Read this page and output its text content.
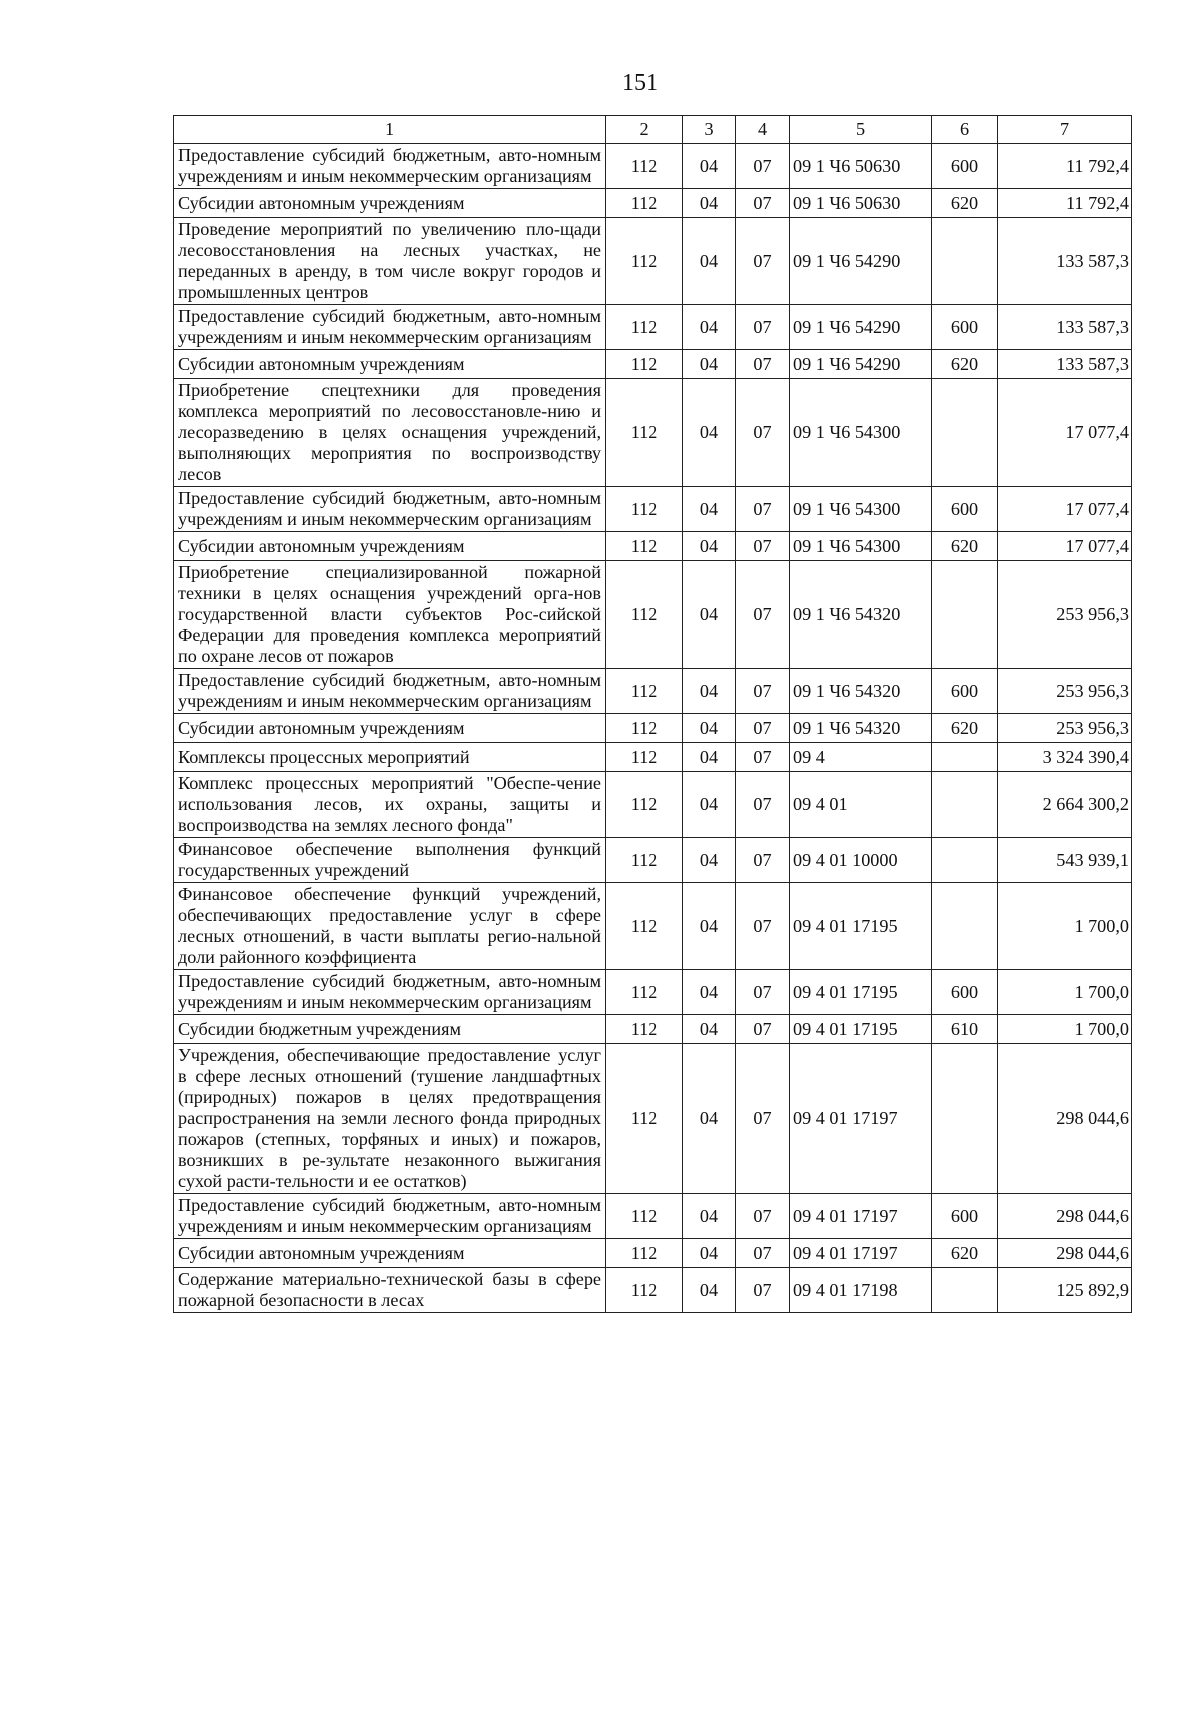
151
1	2	3	4	5	6	7
Предоставление субсидий бюджетным, авто-номным учреждениям и иным некоммерческим организациям	112	04	07	09 1 Ч6 50630	600	11 792,4
Субсидии автономным учреждениям	112	04	07	09 1 Ч6 50630	620	11 792,4
Проведение мероприятий по увеличению пло-щади лесовосстановления на лесных участках, не переданных в аренду, в том числе вокруг городов и промышленных центров	112	04	07	09 1 Ч6 54290		133 587,3
Предоставление субсидий бюджетным, авто-номным учреждениям и иным некоммерческим организациям	112	04	07	09 1 Ч6 54290	600	133 587,3
Субсидии автономным учреждениям	112	04	07	09 1 Ч6 54290	620	133 587,3
Приобретение спецтехники для проведения комплекса мероприятий по лесовосстановле-нию и лесоразведению в целях оснащения учреждений, выполняющих мероприятия по воспроизводству лесов	112	04	07	09 1 Ч6 54300		17 077,4
Предоставление субсидий бюджетным, авто-номным учреждениям и иным некоммерческим организациям	112	04	07	09 1 Ч6 54300	600	17 077,4
Субсидии автономным учреждениям	112	04	07	09 1 Ч6 54300	620	17 077,4
Приобретение специализированной пожарной техники в целях оснащения учреждений орга-нов государственной власти субъектов Рос-сийской Федерации для проведения комплекса мероприятий по охране лесов от пожаров	112	04	07	09 1 Ч6 54320		253 956,3
Предоставление субсидий бюджетным, авто-номным учреждениям и иным некоммерческим организациям	112	04	07	09 1 Ч6 54320	600	253 956,3
Субсидии автономным учреждениям	112	04	07	09 1 Ч6 54320	620	253 956,3
Комплексы процессных мероприятий	112	04	07	09 4		3 324 390,4
Комплекс процессных мероприятий "Обеспе-чение использования лесов, их охраны, защиты и воспроизводства на землях лесного фонда"	112	04	07	09 4 01		2 664 300,2
Финансовое обеспечение выполнения функций государственных учреждений	112	04	07	09 4 01 10000		543 939,1
Финансовое обеспечение функций учреждений, обеспечивающих предоставление услуг в сфере лесных отношений, в части выплаты регио-нальной доли районного коэффициента	112	04	07	09 4 01 17195		1 700,0
Предоставление субсидий бюджетным, авто-номным учреждениям и иным некоммерческим организациям	112	04	07	09 4 01 17195	600	1 700,0
Субсидии бюджетным учреждениям	112	04	07	09 4 01 17195	610	1 700,0
Учреждения, обеспечивающие предоставление услуг в сфере лесных отношений (тушение ландшафтных (природных) пожаров в целях предотвращения распространения на земли лесного фонда природных пожаров (степных, торфяных и иных) и пожаров, возникших в ре-зультате незаконного выжигания сухой расти-тельности и ее остатков)	112	04	07	09 4 01 17197		298 044,6
Предоставление субсидий бюджетным, авто-номным учреждениям и иным некоммерческим организациям	112	04	07	09 4 01 17197	600	298 044,6
Субсидии автономным учреждениям	112	04	07	09 4 01 17197	620	298 044,6
Содержание материально-технической базы в сфере пожарной безопасности в лесах	112	04	07	09 4 01 17198		125 892,9
